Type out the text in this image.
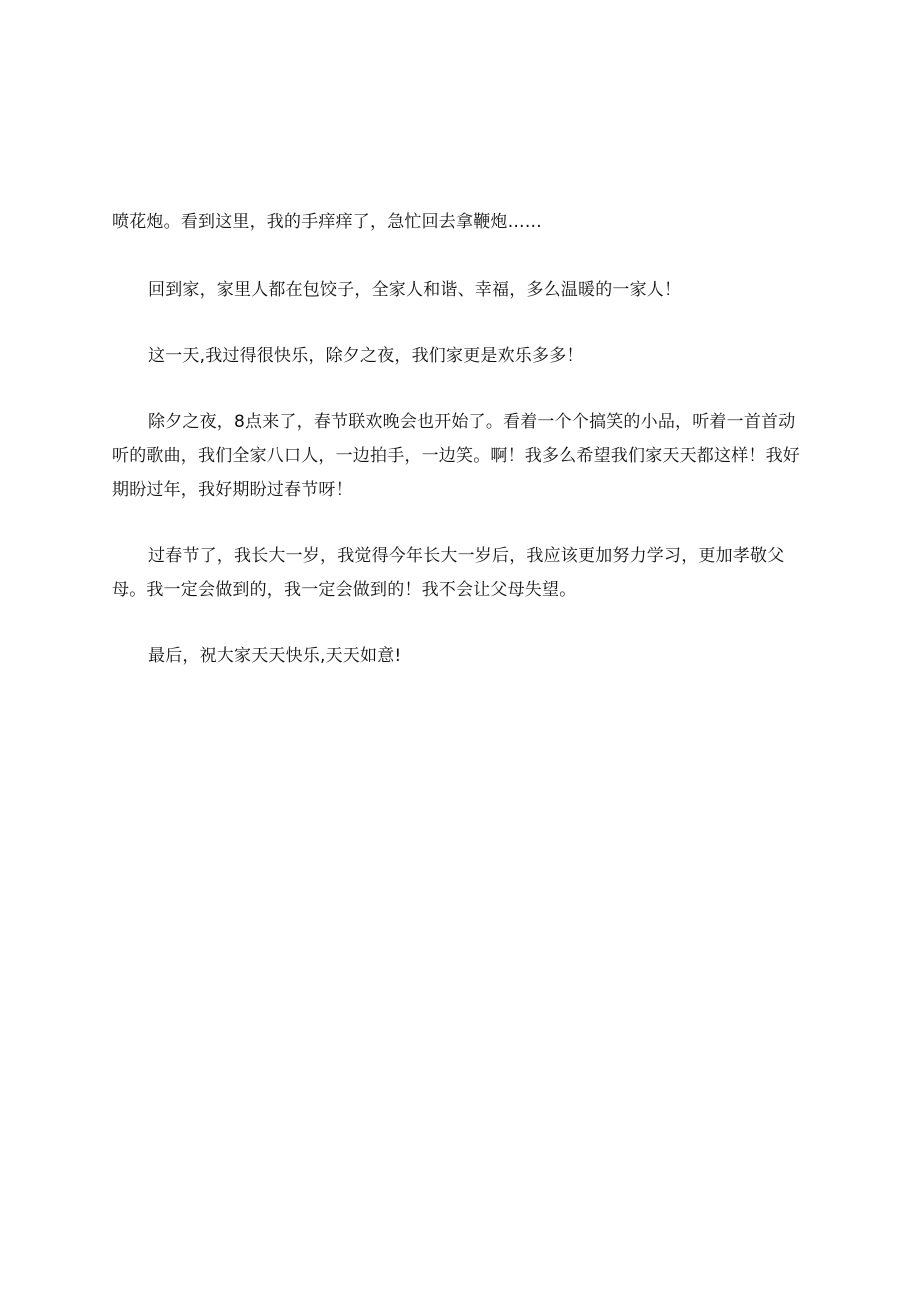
喷花炮。看到这里，我的手痒痒了，急忙回去拿鞭炮……

回到家，家里人都在包饺子，全家人和谐、幸福，多么温暖的一家人！

这一天,我过得很快乐，除夕之夜，我们家更是欢乐多多！

除夕之夜，8点来了，春节联欢晚会也开始了。看着一个个搞笑的小品，听着一首首动听的歌曲，我们全家八口人，一边拍手，一边笑。啊！我多么希望我们家天天都这样！我好期盼过年，我好期盼过春节呀！

过春节了，我长大一岁，我觉得今年长大一岁后，我应该更加努力学习，更加孝敬父母。我一定会做到的，我一定会做到的！我不会让父母失望。

最后，祝大家天天快乐,天天如意!
